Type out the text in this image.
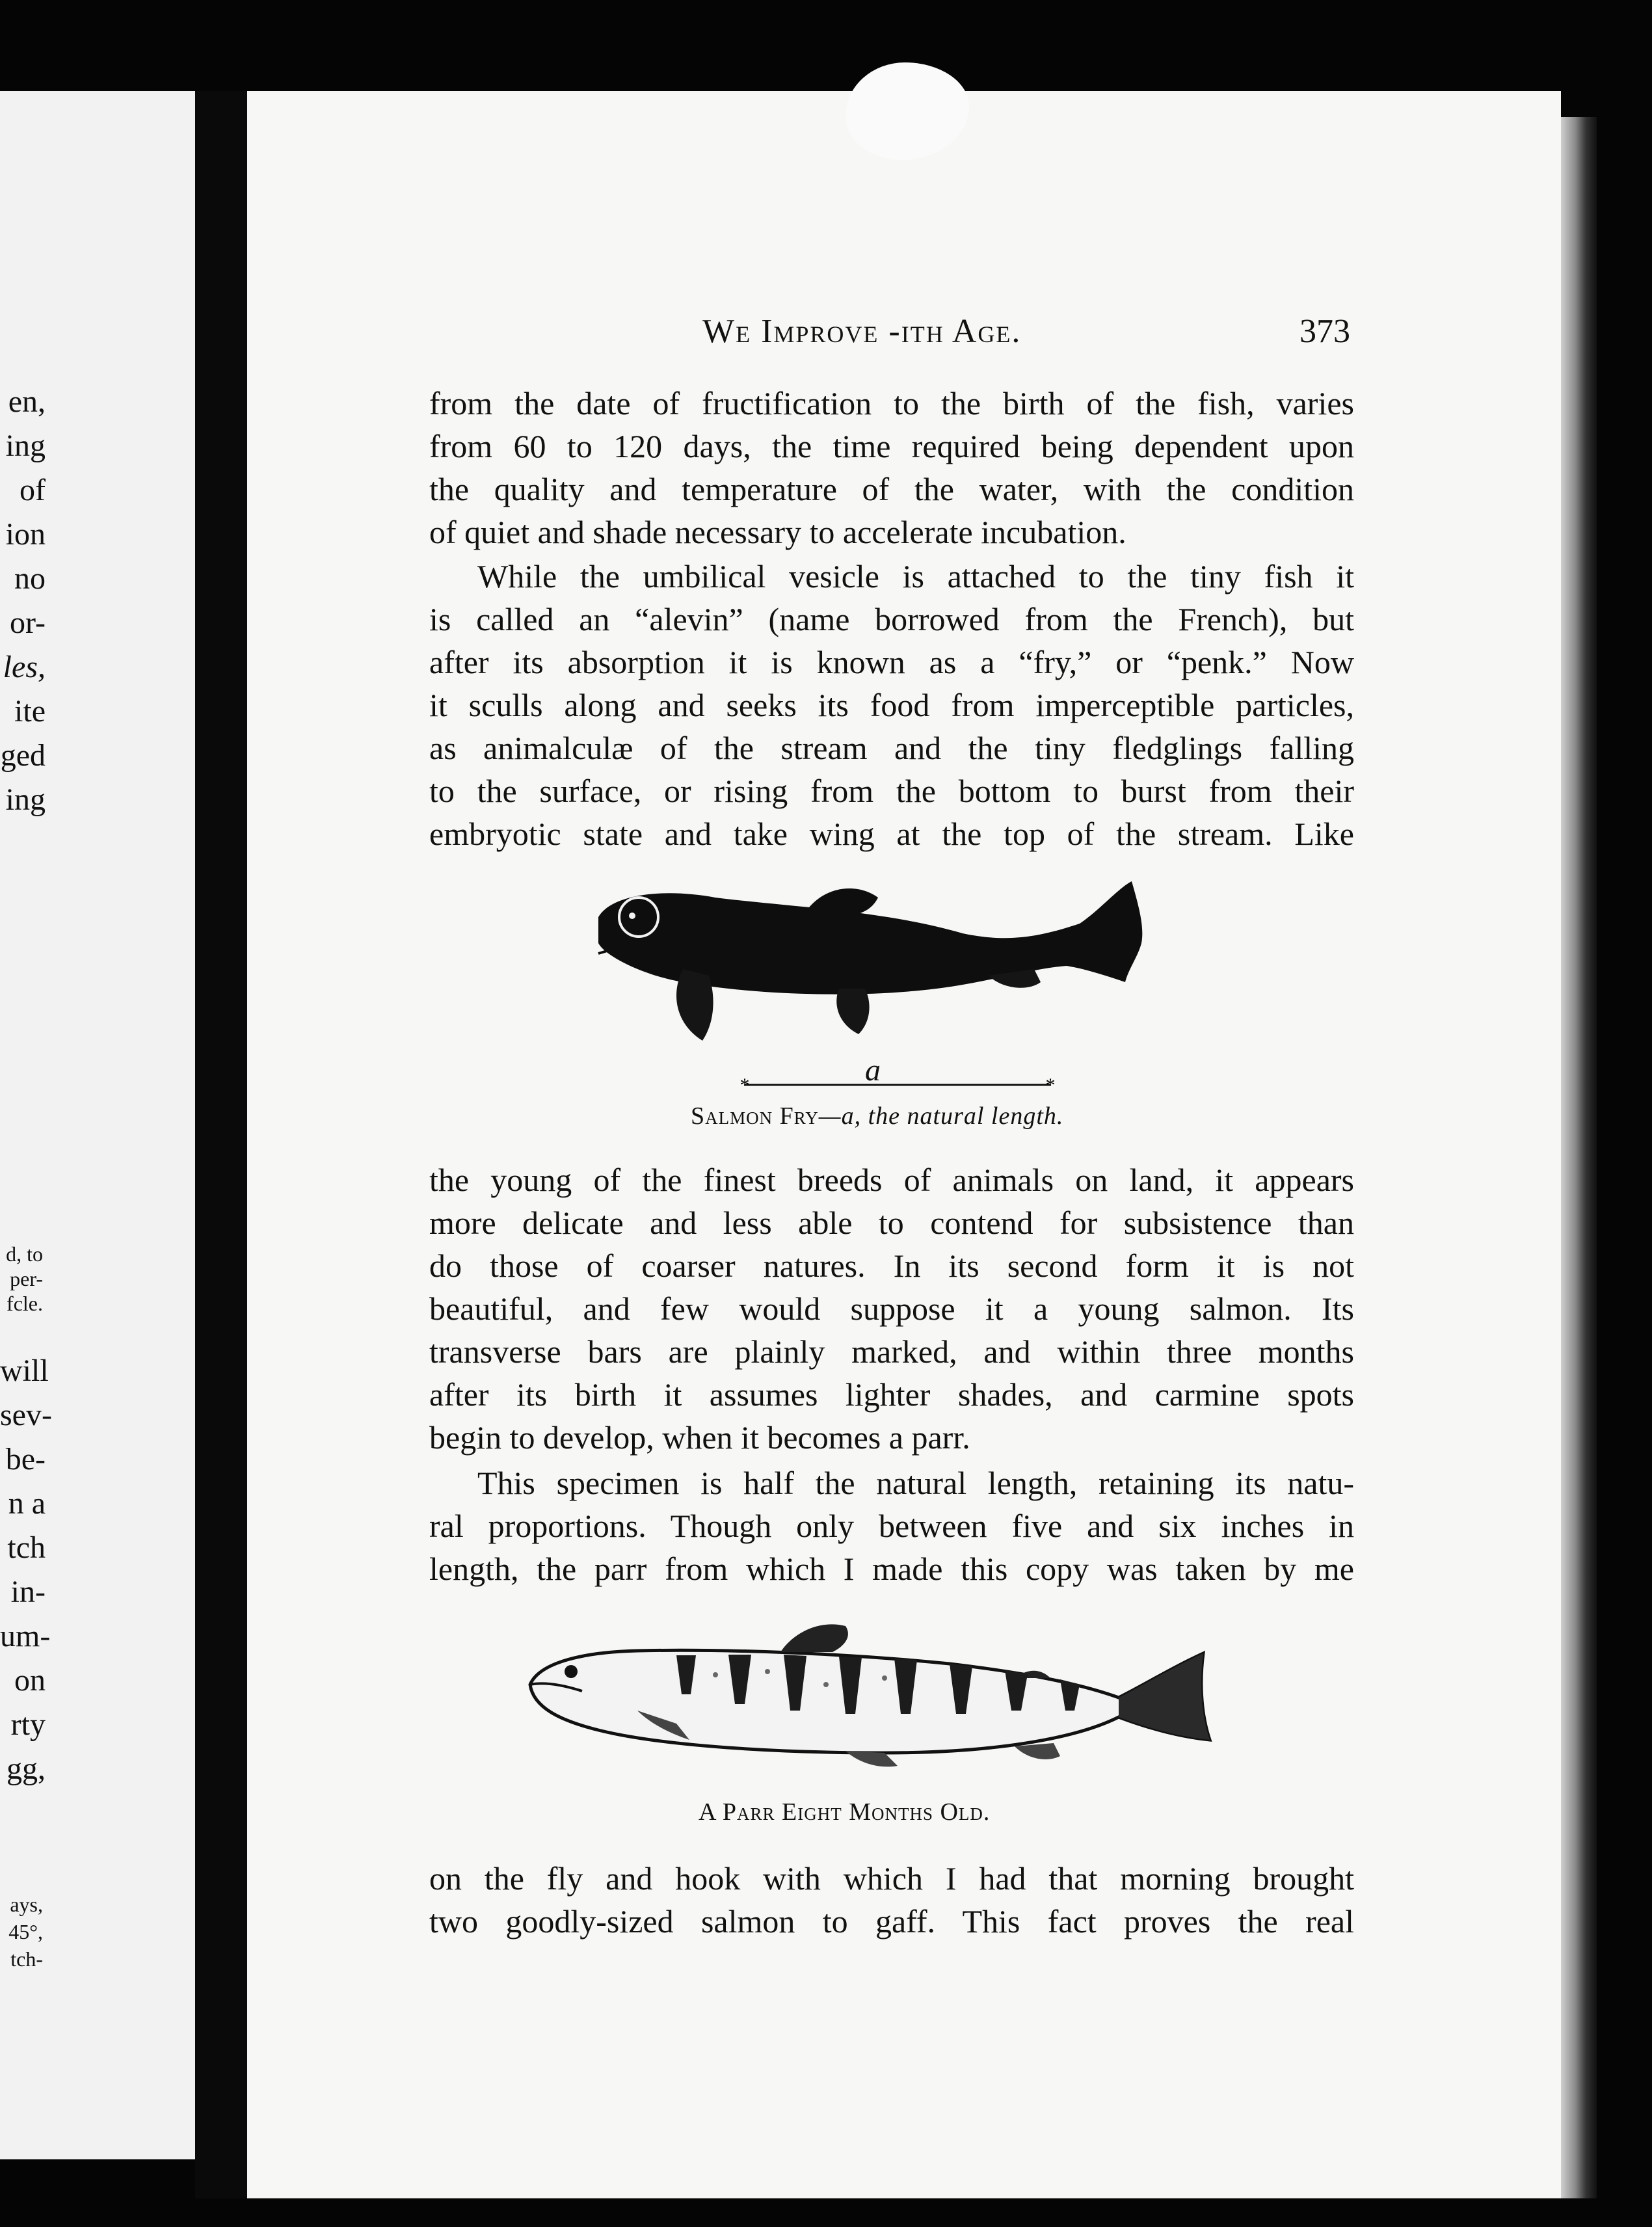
en,
ing
of
ion
no
or-
les,
ite
ged
ing
d, to
per-
fcle.
will
sev-
be-
n a
tch
in-
um-
on
rty
gg,
ays,
45°,
tch-
We Improve ‐ith Age.	373
from the date of fructification to the birth of the fish, varies
from 60 to 120 days, the time required being dependent upon
the quality and temperature of the water, with the condition
of quiet and shade necessary to accelerate incubation.
While the umbilical vesicle is attached to the tiny fish it
is called an “alevin” (name borrowed from the French), but
after its absorption it is known as a “fry,” or “penk.” Now
it sculls along and seeks its food from imperceptible particles,
as animalculæ of the stream and the tiny fledglings falling
to the surface, or rising from the bottom to burst from their
embryotic state and take wing at the top of the stream. Like
*	*
a
Salmon Fry—a, the natural length.
the young of the finest breeds of animals on land, it appears
more delicate and less able to contend for subsistence than
do those of coarser natures. In its second form it is not
beautiful, and few would suppose it a young salmon. Its
transverse bars are plainly marked, and within three months
after its birth it assumes lighter shades, and carmine spots
begin to develop, when it becomes a parr.
This specimen is half the natural length, retaining its natu-
ral proportions. Though only between five and six inches in
length, the parr from which I made this copy was taken by me
A Parr Eight Months Old.
on the fly and hook with which I had that morning brought
two goodly-sized salmon to gaff. This fact proves the real
